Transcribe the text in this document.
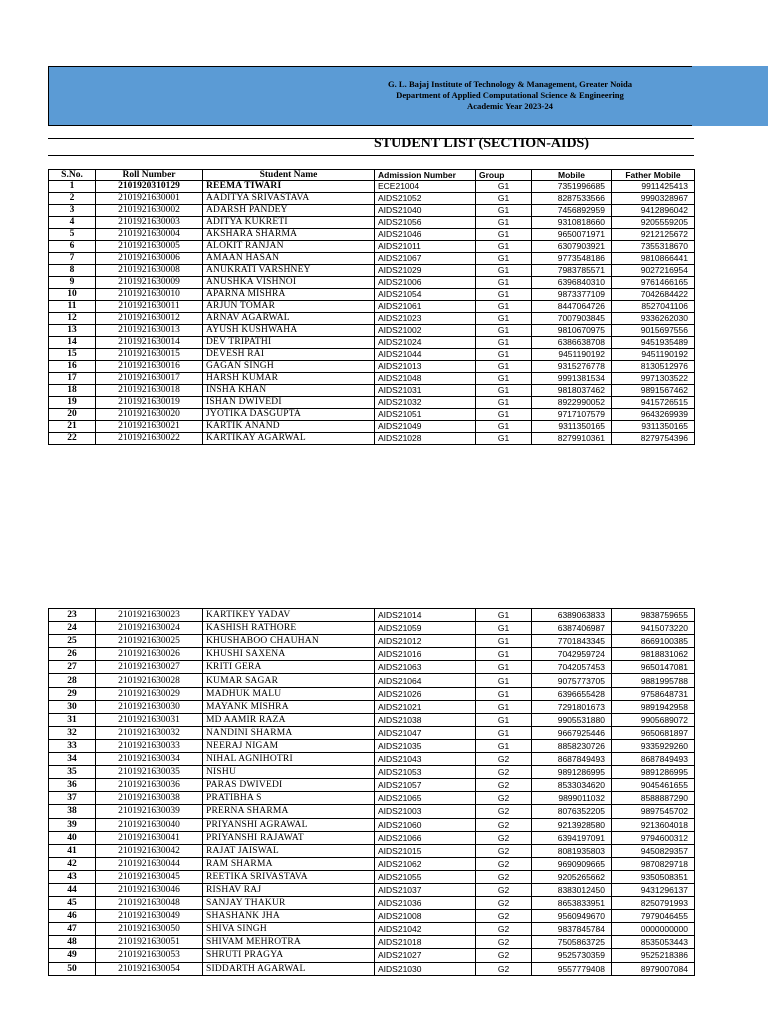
G. L. Bajaj Institute of Technology & Management, Greater Noida
Department of Applied Computational Science & Engineering
Academic Year 2023-24
STUDENT LIST (SECTION-AIDS)
S.No.	Roll Number	Student Name	Admission Number	Group	Mobile	Father Mobile
1	2101920310129	REEMA TIWARI	ECE21004	G1	7351996685	9911425413
2	2101921630001	AADITYA SRIVASTAVA	AIDS21052	G1	8287533566	9990328967
3	2101921630002	ADARSH PANDEY	AIDS21040	G1	7456892959	9412896042
4	2101921630003	ADITYA KUKRETI	AIDS21056	G1	9310818660	9205559205
5	2101921630004	AKSHARA SHARMA	AIDS21046	G1	9650071971	9212125672
6	2101921630005	ALOKIT RANJAN	AIDS21011	G1	6307903921	7355318670
7	2101921630006	AMAAN HASAN	AIDS21067	G1	9773548186	9810866441
8	2101921630008	ANUKRATI VARSHNEY	AIDS21029	G1	7983785571	9027216954
9	2101921630009	ANUSHKA VISHNOI	AIDS21006	G1	6396840310	9761466165
10	2101921630010	APARNA MISHRA	AIDS21054	G1	9873377109	7042684422
11	2101921630011	ARJUN TOMAR	AIDS21061	G1	8447064726	8527041106
12	2101921630012	ARNAV AGARWAL	AIDS21023	G1	7007903845	9336262030
13	2101921630013	AYUSH KUSHWAHA	AIDS21002	G1	9810670975	9015697556
14	2101921630014	DEV TRIPATHI	AIDS21024	G1	6386638708	9451935489
15	2101921630015	DEVESH RAI	AIDS21044	G1	9451190192	9451190192
16	2101921630016	GAGAN SINGH	AIDS21013	G1	9315276778	8130512976
17	2101921630017	HARSH KUMAR	AIDS21048	G1	9991381534	9971303522
18	2101921630018	INSHA KHAN	AIDS21031	G1	9818037462	9891567462
19	2101921630019	ISHAN DWIVEDI	AIDS21032	G1	8922990052	9415726515
20	2101921630020	JYOTIKA DASGUPTA	AIDS21051	G1	9717107579	9643269939
21	2101921630021	KARTIK ANAND	AIDS21049	G1	9311350165	9311350165
22	2101921630022	KARTIKAY AGARWAL	AIDS21028	G1	8279910361	8279754396
23	2101921630023	KARTIKEY YADAV	AIDS21014	G1	6389063833	9838759655
24	2101921630024	KASHISH RATHORE	AIDS21059	G1	6387406987	9415073220
25	2101921630025	KHUSHABOO CHAUHAN	AIDS21012	G1	7701843345	8669100385
26	2101921630026	KHUSHI SAXENA	AIDS21016	G1	7042959724	9818831062
27	2101921630027	KRITI GERA	AIDS21063	G1	7042057453	9650147081
28	2101921630028	KUMAR SAGAR	AIDS21064	G1	9075773705	9881995788
29	2101921630029	MADHUK MALU	AIDS21026	G1	6396655428	9758648731
30	2101921630030	MAYANK MISHRA	AIDS21021	G1	7291801673	9891942958
31	2101921630031	MD AAMIR RAZA	AIDS21038	G1	9905531880	9905689072
32	2101921630032	NANDINI SHARMA	AIDS21047	G1	9667925446	9650681897
33	2101921630033	NEERAJ NIGAM	AIDS21035	G1	8858230726	9335929260
34	2101921630034	NIHAL AGNIHOTRI	AIDS21043	G2	8687849493	8687849493
35	2101921630035	NISHU	AIDS21053	G2	9891286995	9891286995
36	2101921630036	PARAS DWIVEDI	AIDS21057	G2	8533034620	9045461655
37	2101921630038	PRATIBHA S	AIDS21065	G2	9899011032	8588887290
38	2101921630039	PRERNA SHARMA	AIDS21003	G2	8076352205	9897545702
39	2101921630040	PRIYANSHI AGRAWAL	AIDS21060	G2	9213928580	9213604018
40	2101921630041	PRIYANSHI RAJAWAT	AIDS21066	G2	6394197091	9794600312
41	2101921630042	RAJAT JAISWAL	AIDS21015	G2	8081935803	9450829357
42	2101921630044	RAM SHARMA	AIDS21062	G2	9690909665	9870829718
43	2101921630045	REETIKA SRIVASTAVA	AIDS21055	G2	9205265662	9350508351
44	2101921630046	RISHAV RAJ	AIDS21037	G2	8383012450	9431296137
45	2101921630048	SANJAY THAKUR	AIDS21036	G2	8653833951	8250791993
46	2101921630049	SHASHANK JHA	AIDS21008	G2	9560949670	7979046455
47	2101921630050	SHIVA SINGH	AIDS21042	G2	9837845784	0000000000
48	2101921630051	SHIVAM MEHROTRA	AIDS21018	G2	7505863725	8535053443
49	2101921630053	SHRUTI PRAGYA	AIDS21027	G2	9525730359	9525218386
50	2101921630054	SIDDARTH AGARWAL	AIDS21030	G2	9557779408	8979007084
